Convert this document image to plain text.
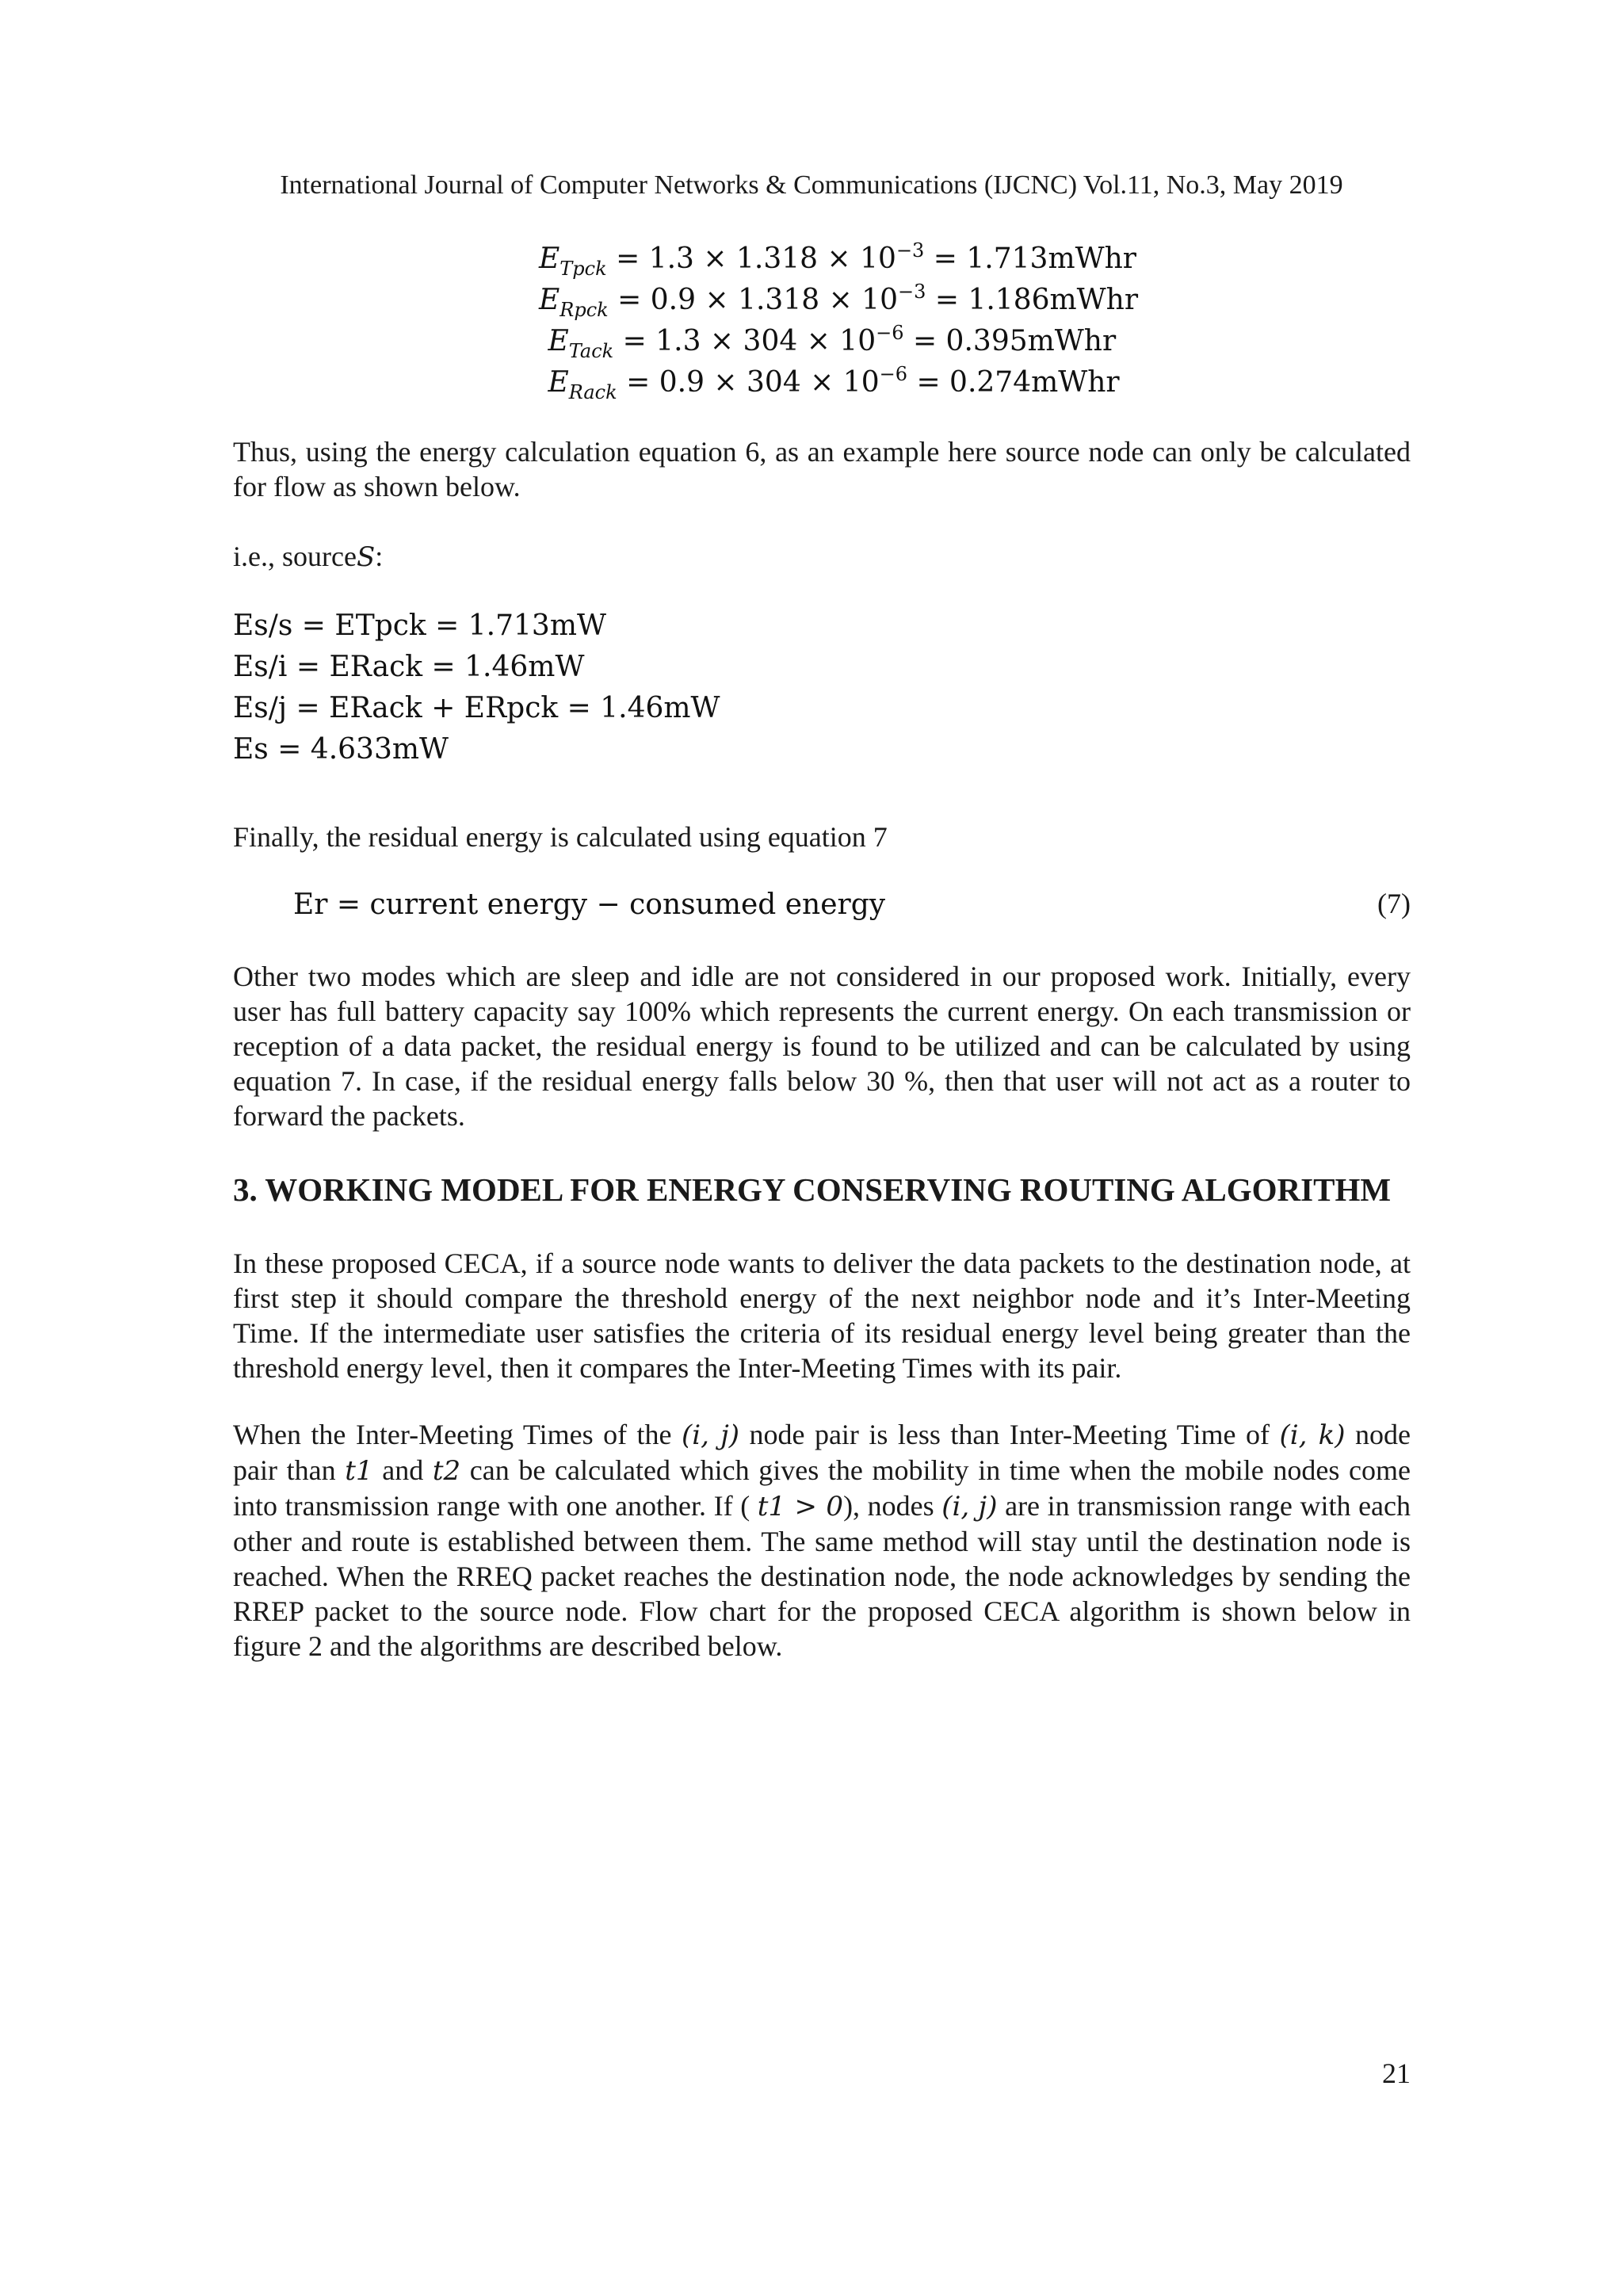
International Journal of Computer Networks & Communications (IJCNC) Vol.11, No.3, May 2019
$E_{Tpck} = 1.3 \times 1.318 \times 10^{-3}$ = 1.713mWhr
$E_{Rpck} = 0.9 \times 1.318 \times 10^{-3}$ = 1.186mWhr
$E_{Tack} = 1.3 \times 304 \times 10^{-6}$ = 0.395mWhr
$E_{Rack} = 0.9 \times 304 \times 10^{-6}$ = 0.274mWhr

Thus, using the energy calculation equation 6, as an example here source node can only be calculated for flow as shown below.

i.e., sourceS:
Es/s = ETpck = 1.713mW
Es/i = ERack = 1.46mW
Es/j = ERack + ERpck = 1.46mW
Es = 4.633mW
Finally, the residual energy is calculated using equation 7
Er = current energy − consumed energy	(7)

Other two modes which are sleep and idle are not considered in our proposed work. Initially, every user has full battery capacity say 100% which represents the current energy. On each transmission or reception of a data packet, the residual energy is found to be utilized and can be calculated by using equation 7. In case, if the residual energy falls below 30 %, then that user will not act as a router to forward the packets.

3. WORKING MODEL FOR ENERGY CONSERVING ROUTING ALGORITHM

In these proposed CECA, if a source node wants to deliver the data packets to the destination node, at first step it should compare the threshold energy of the next neighbor node and it’s Inter-Meeting Time. If the intermediate user satisfies the criteria of its residual energy level being greater than the threshold energy level, then it compares the Inter-Meeting Times with its pair.

When the Inter-Meeting Times of the (i, j) node pair is less than Inter-Meeting Time of (i, k) node pair than t1 and t2 can be calculated which gives the mobility in time when the mobile nodes come into transmission range with one another. If ( t1 > 0), nodes (i, j) are in transmission range with each other and route is established between them. The same method will stay until the destination node is reached. When the RREQ packet reaches the destination node, the node acknowledges by sending the RREP packet to the source node. Flow chart for the proposed CECA algorithm is shown below in figure 2 and the algorithms are described below.

21
